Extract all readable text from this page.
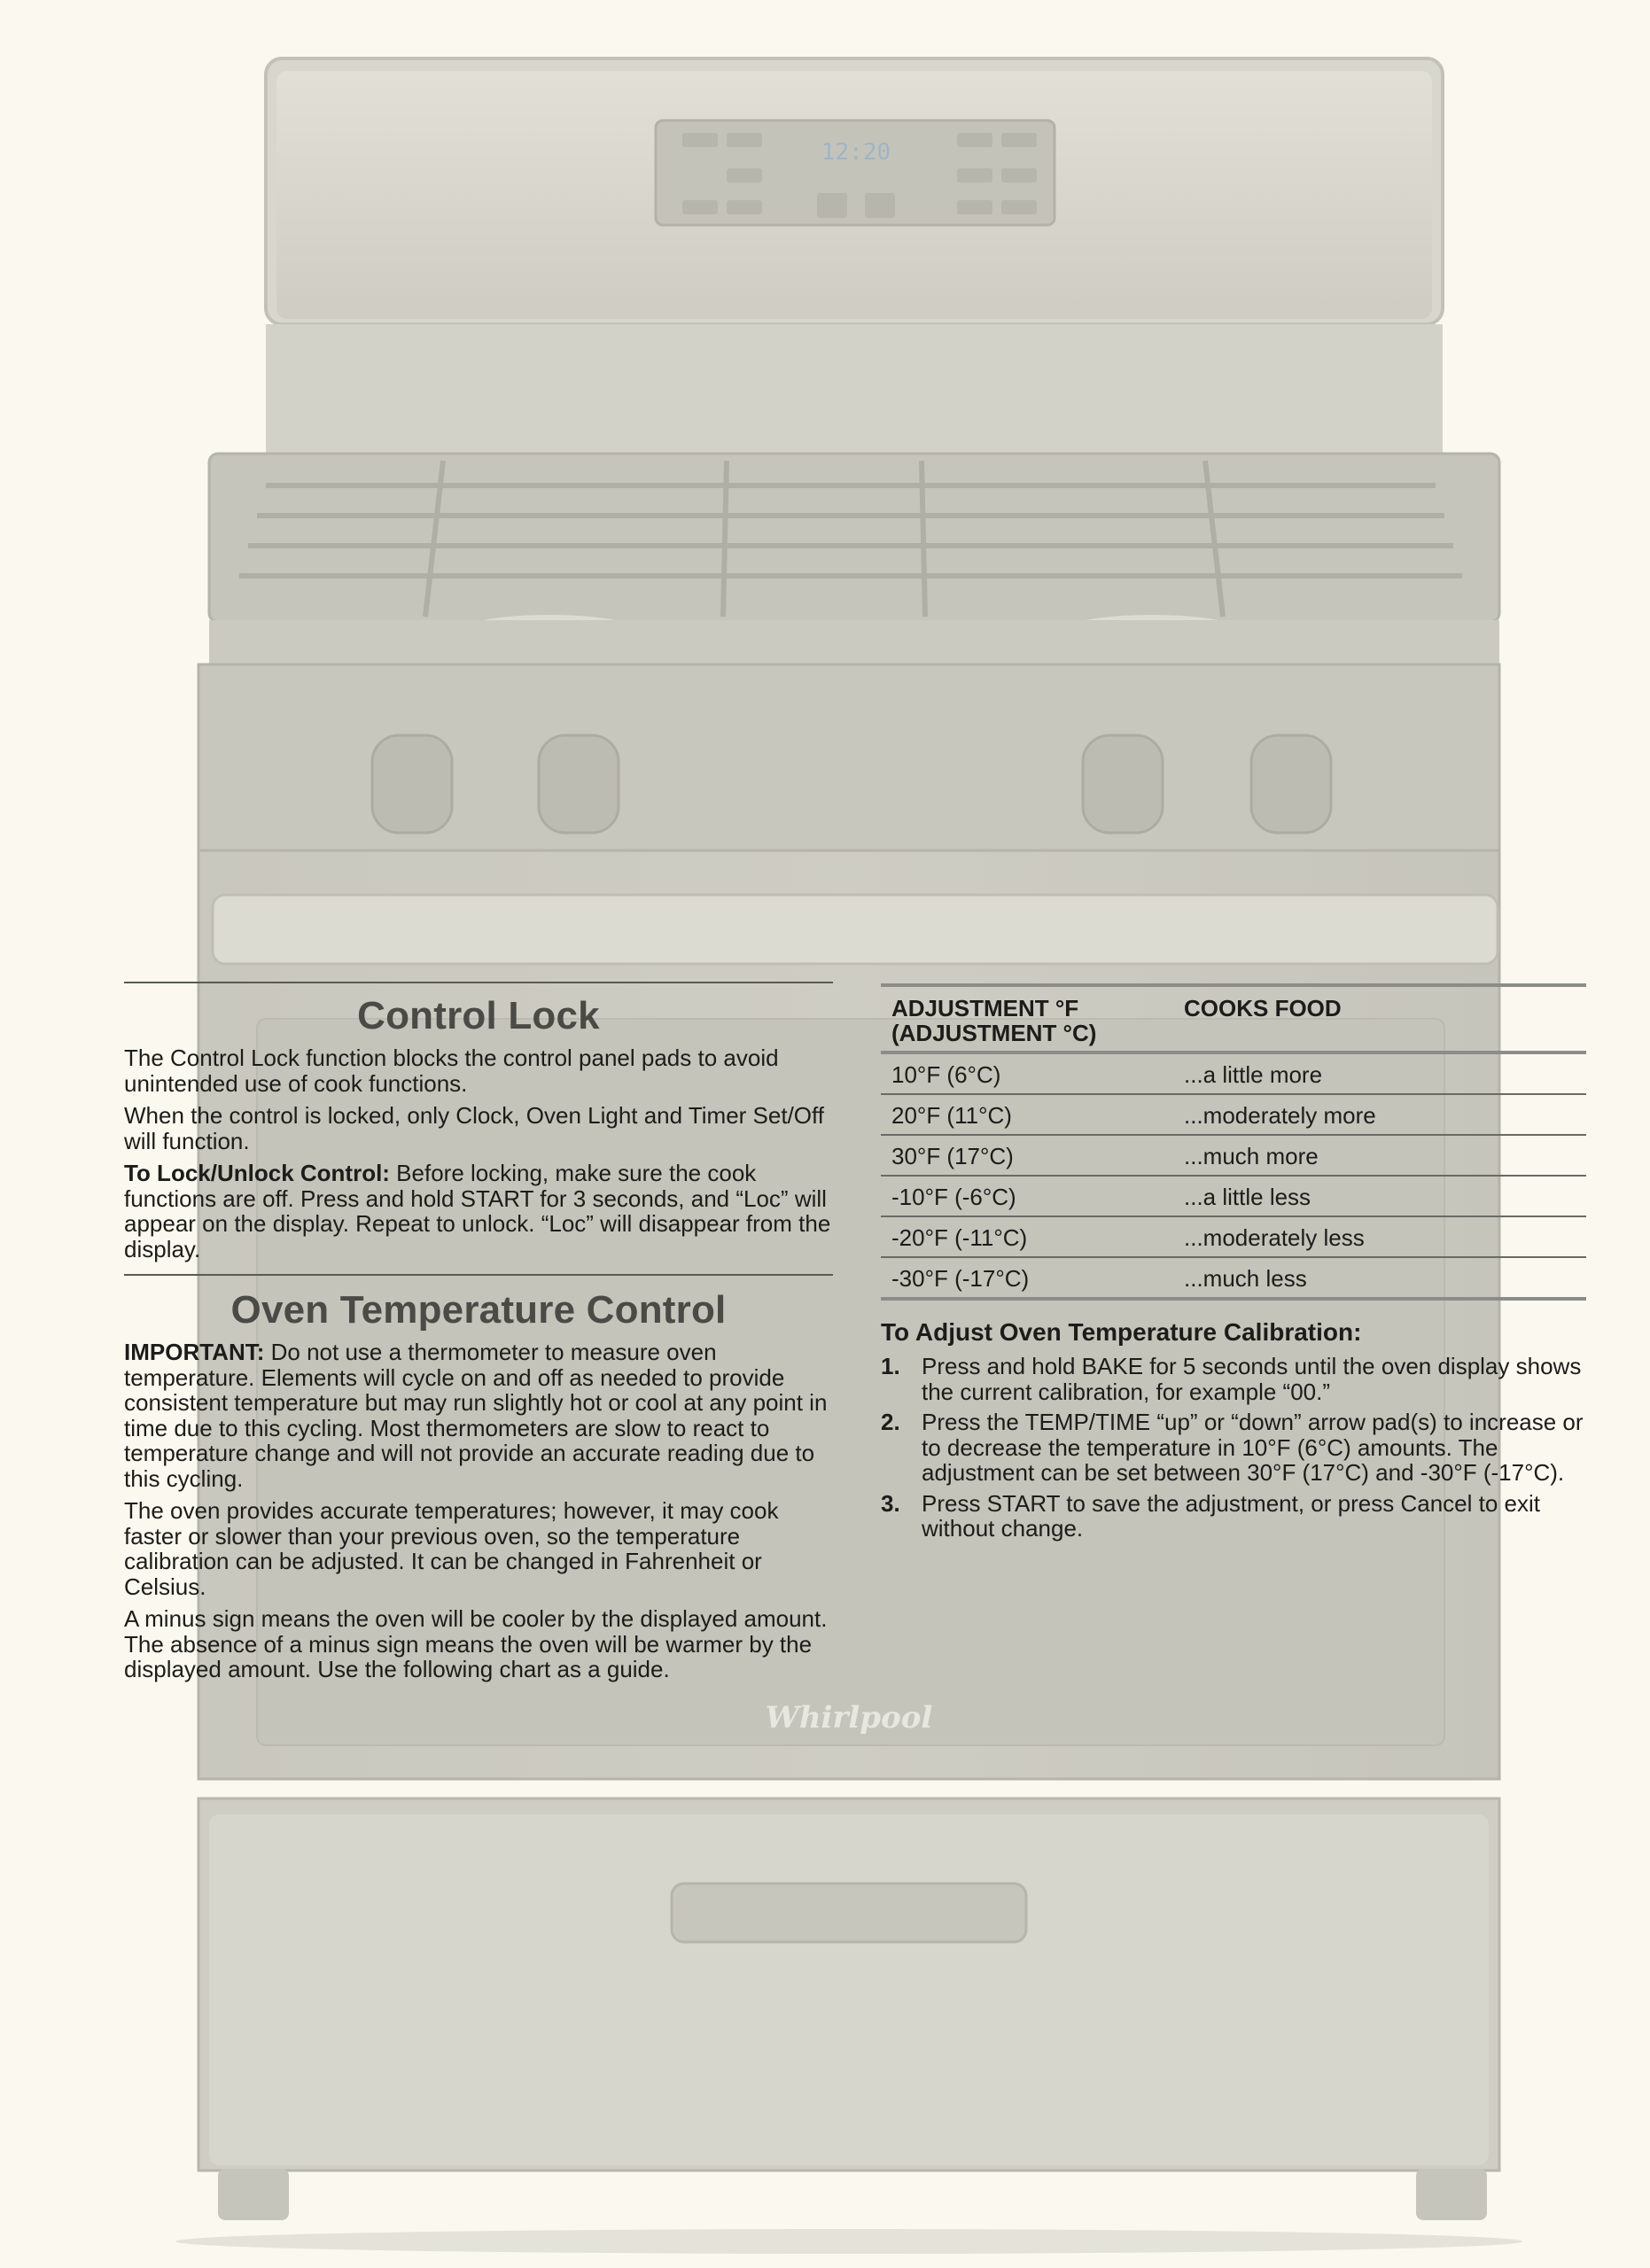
12:20
Whirlpool
Control Lock

The Control Lock function blocks the control panel pads to avoid unintended use of cook functions.

When the control is locked, only Clock, Oven Light and Timer Set/Off will function.

To Lock/Unlock Control: Before locking, make sure the cook functions are off. Press and hold START for 3 seconds, and “Loc” will appear on the display. Repeat to unlock. “Loc” will disappear from the display.

Oven Temperature Control

IMPORTANT: Do not use a thermometer to measure oven temperature. Elements will cycle on and off as needed to provide consistent temperature but may run slightly hot or cool at any point in time due to this cycling. Most thermometers are slow to react to temperature change and will not provide an accurate reading due to this cycling.

The oven provides accurate temperatures; however, it may cook faster or slower than your previous oven, so the temperature calibration can be adjusted. It can be changed in Fahrenheit or Celsius.

A minus sign means the oven will be cooler by the displayed amount. The absence of a minus sign means the oven will be warmer by the displayed amount. Use the following chart as a guide.

ADJUSTMENT °F
(ADJUSTMENT °C)	COOKS FOOD
10°F (6°C)	...a little more
20°F (11°C)	...moderately more
30°F (17°C)	...much more
-10°F (-6°C)	...a little less
-20°F (-11°C)	...moderately less
-30°F (-17°C)	...much less
To Adjust Oven Temperature Calibration:
1. Press and hold BAKE for 5 seconds until the oven display shows the current calibration, for example “00.”
2. Press the TEMP/TIME “up” or “down” arrow pad(s) to increase or to decrease the temperature in 10°F (6°C) amounts. The adjustment can be set between 30°F (17°C) and -30°F (-17°C).
3. Press START to save the adjustment, or press Cancel to exit without change.
